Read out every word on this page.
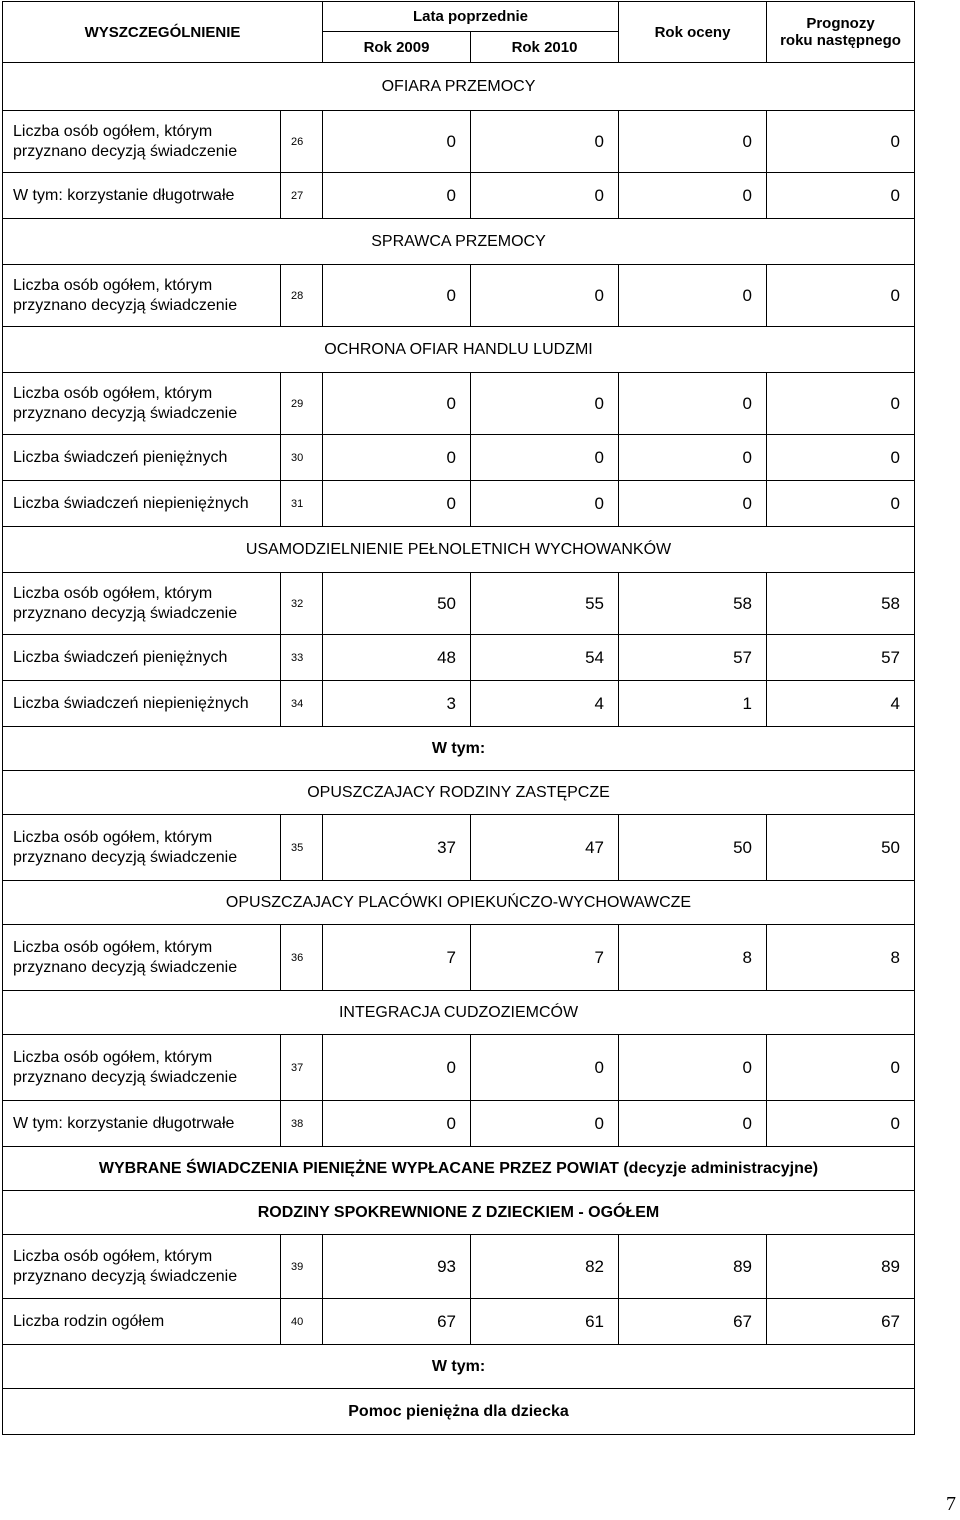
WYSZCZEGÓLNIENIE		Lata poprzednie		Rok oceny	Prognozy
roku następnego
		Rok 2009	Rok 2010		
OFIARA PRZEMOCY					
Liczba osób ogółem, którym przyznano decyzją świadczenie	26	0	0	0	0
W tym: korzystanie długotrwałe	27	0	0	0	0
SPRAWCA PRZEMOCY					
Liczba osób ogółem, którym przyznano decyzją świadczenie	28	0	0	0	0
OCHRONA OFIAR HANDLU LUDZMI					
Liczba osób ogółem, którym przyznano decyzją świadczenie	29	0	0	0	0
Liczba świadczeń pieniężnych	30	0	0	0	0
Liczba świadczeń niepieniężnych	31	0	0	0	0
USAMODZIELNIENIE PEŁNOLETNICH WYCHOWANKÓW					
Liczba osób ogółem, którym przyznano decyzją świadczenie	32	50	55	58	58
Liczba świadczeń pieniężnych	33	48	54	57	57
Liczba świadczeń niepieniężnych	34	3	4	1	4
W tym:					
OPUSZCZAJACY RODZINY ZASTĘPCZE					
Liczba osób ogółem, którym przyznano decyzją świadczenie	35	37	47	50	50
OPUSZCZAJACY PLACÓWKI OPIEKUŃCZO-WYCHOWAWCZE					
Liczba osób ogółem, którym przyznano decyzją świadczenie	36	7	7	8	8
INTEGRACJA CUDZOZIEMCÓW					
Liczba osób ogółem, którym przyznano decyzją świadczenie	37	0	0	0	0
W tym: korzystanie długotrwałe	38	0	0	0	0
WYBRANE ŚWIADCZENIA PIENIĘŻNE WYPŁACANE PRZEZ POWIAT (decyzje administracyjne)					
RODZINY SPOKREWNIONE Z DZIECKIEM - OGÓŁEM					
Liczba osób ogółem, którym przyznano decyzją świadczenie	39	93	82	89	89
Liczba rodzin ogółem	40	67	61	67	67
W tym:					
Pomoc pieniężna dla dziecka					
7
